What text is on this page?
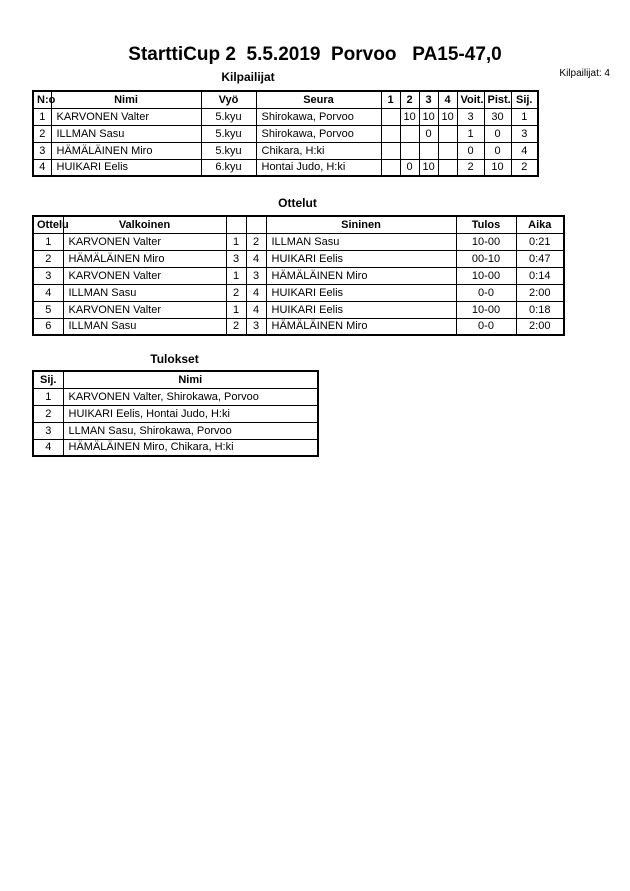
StarttiCup 2  5.5.2019  Porvoo   PA15-47,0
Kilpailijat: 4
Kilpailijat
N:o	Nimi	Vyö	Seura	1	2	3	4	Voit.	Pist.	Sij.
1	KARVONEN Valter	5.kyu	Shirokawa, Porvoo		10	10	10	3	30	1
2	ILLMAN Sasu	5.kyu	Shirokawa, Porvoo			0		1	0	3
3	HÄMÄLÄINEN Miro	5.kyu	Chikara, H:ki					0	0	4
4	HUIKARI Eelis	6.kyu	Hontai Judo, H:ki		0	10		2	10	2
Ottelut
Ottelu	Valkoinen			Sininen	Tulos	Aika
1	KARVONEN Valter	1	2	ILLMAN Sasu	10-00	0:21
2	HÄMÄLÄINEN Miro	3	4	HUIKARI Eelis	00-10	0:47
3	KARVONEN Valter	1	3	HÄMÄLÄINEN Miro	10-00	0:14
4	ILLMAN Sasu	2	4	HUIKARI Eelis	0-0	2:00
5	KARVONEN Valter	1	4	HUIKARI Eelis	10-00	0:18
6	ILLMAN Sasu	2	3	HÄMÄLÄINEN Miro	0-0	2:00
Tulokset
Sij.	Nimi
1	KARVONEN Valter, Shirokawa, Porvoo
2	HUIKARI Eelis, Hontai Judo, H:ki
3	LLMAN Sasu, Shirokawa, Porvoo
4	HÄMÄLÄINEN Miro, Chikara, H:ki
